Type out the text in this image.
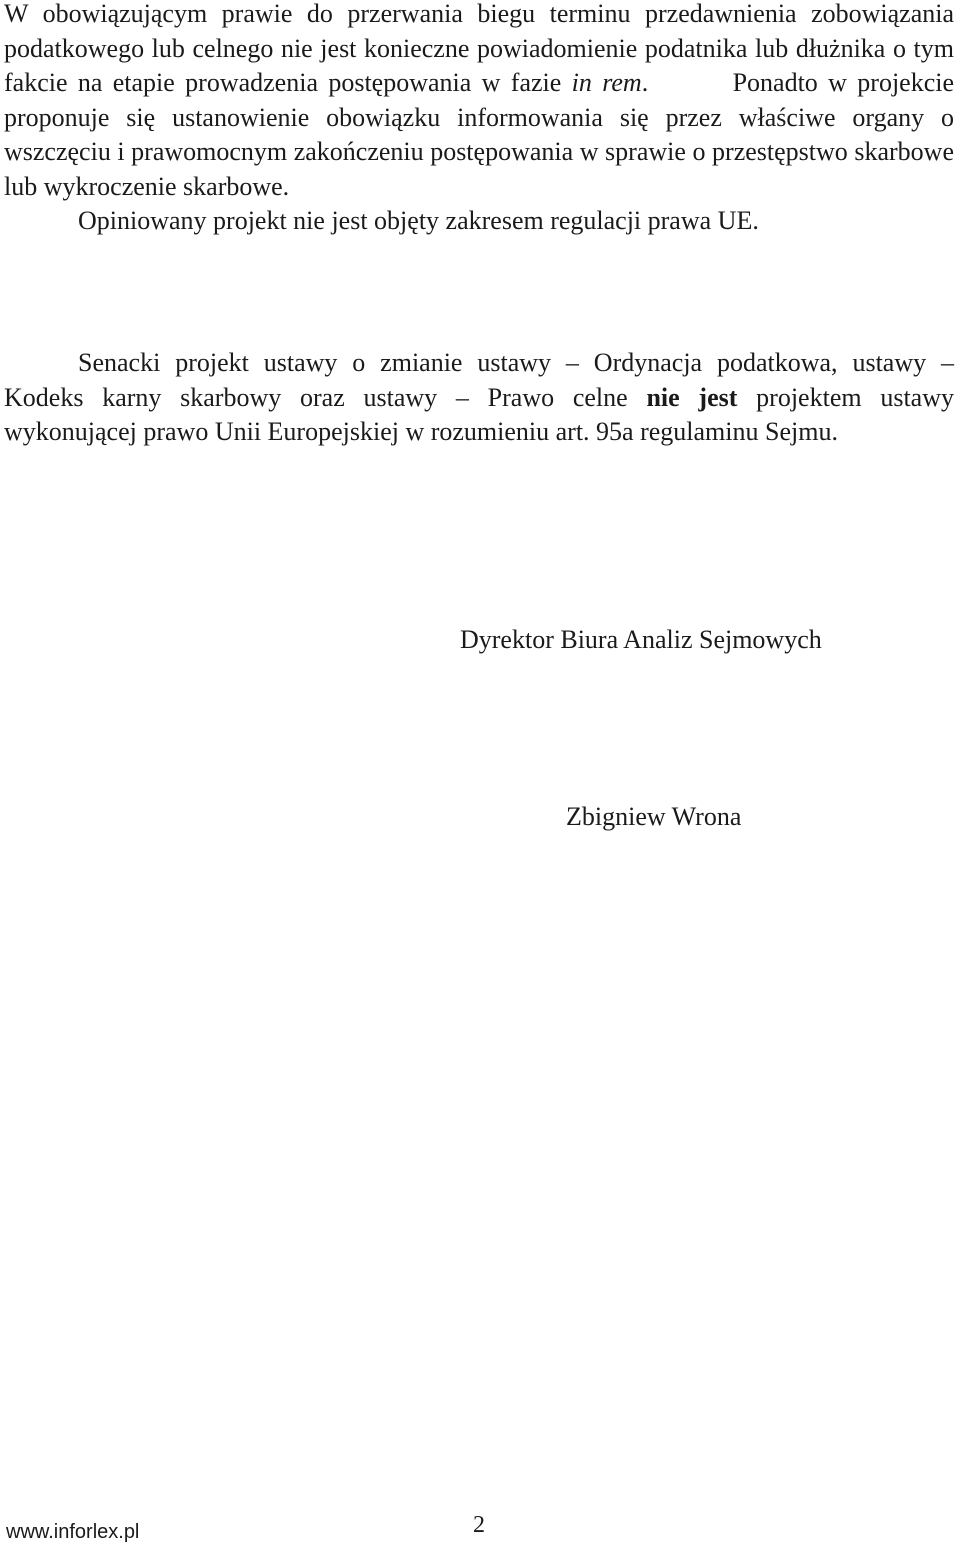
W obowiązującym prawie do przerwania biegu terminu przedawnienia zobowiązania podatkowego lub celnego nie jest konieczne powiadomienie podatnika lub dłużnika o tym fakcie na etapie prowadzenia postępowania w fazie in rem.	Ponadto w projekcie proponuje się ustanowienie obowiązku informowania się przez właściwe organy o wszczęciu i prawomocnym zakończeniu postępowania w sprawie o przestępstwo skarbowe lub wykroczenie skarbowe.
Opiniowany projekt nie jest objęty zakresem regulacji prawa UE.

Senacki projekt ustawy o zmianie ustawy – Ordynacja podatkowa, ustawy – Kodeks karny skarbowy oraz ustawy – Prawo celne nie jest projektem ustawy wykonującej prawo Unii Europejskiej w rozumieniu art. 95a regulaminu Sejmu.

Dyrektor Biura Analiz Sejmowych

Zbigniew Wrona

www.inforlex.pl	2
